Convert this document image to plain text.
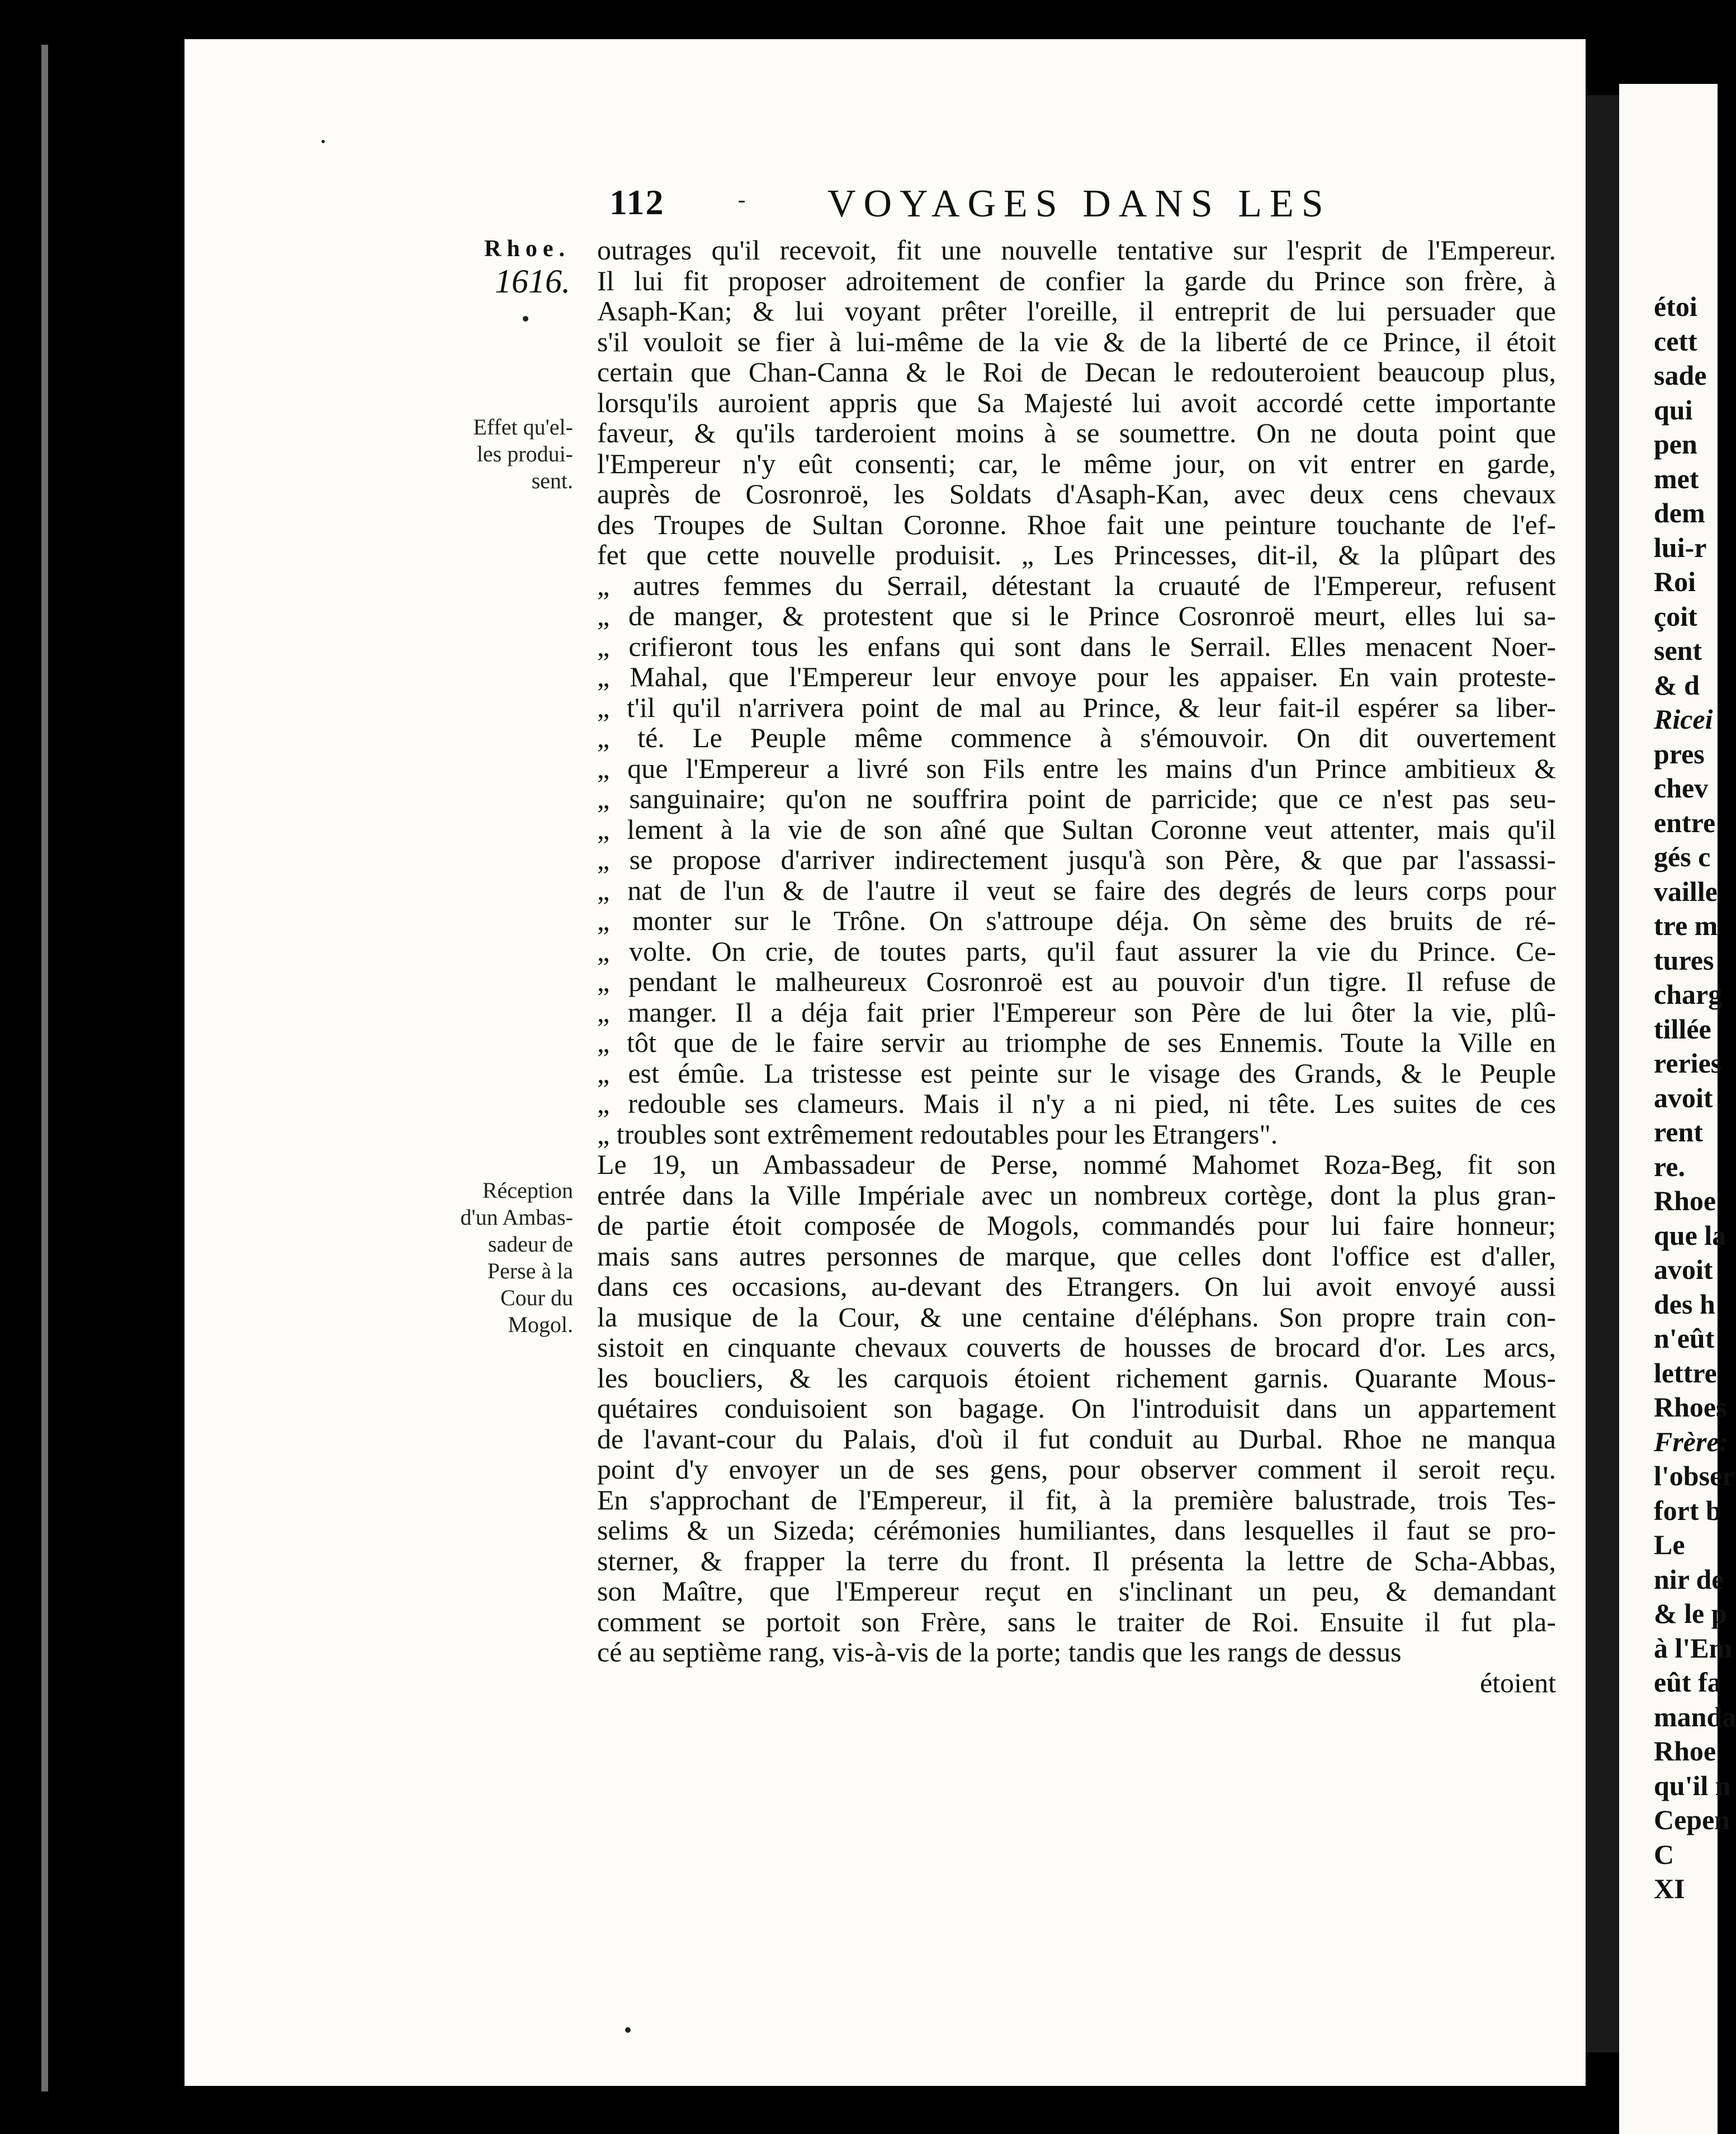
étoi
cett
sade
qui
pen
met
dem
lui-r
Roi
çoit
sent
& d
Ricei
pres
chev
entre
gés c
vaille
tre m
tures
charg
tillée
reries
avoit
rent
re.
Rhoe
que la
avoit
des h
n'eût
lettre
Rhoes
Frère:
l'obser
fort b
Le
nir de
& le p
à l'Em
eût fa
manda
Rhoe
qu'il n
Cepen
C
XI
112	- VOYAGES DANS LES
Rhoe.
1616.
Effet qu'el-
les produi-
sent.
Réception
d'un Ambas-
sadeur de
Perse à la
Cour du
Mogol.
outrages qu'il recevoit, fit une nouvelle tentative sur l'esprit de l'Empereur.
Il lui fit proposer adroitement de confier la garde du Prince son frère, à
Asaph-Kan; & lui voyant prêter l'oreille, il entreprit de lui persuader que
s'il vouloit se fier à lui-même de la vie & de la liberté de ce Prince, il étoit
certain que Chan-Canna & le Roi de Decan le redouteroient beaucoup plus,
lorsqu'ils auroient appris que Sa Majesté lui avoit accordé cette importante
faveur, & qu'ils tarderoient moins à se soumettre. On ne douta point que
l'Empereur n'y eût consenti; car, le même jour, on vit entrer en garde,
auprès de Cosronroë, les Soldats d'Asaph-Kan, avec deux cens chevaux
des Troupes de Sultan Coronne. Rhoe fait une peinture touchante de l'ef-
fet que cette nouvelle produisit. „ Les Princesses, dit-il, & la plûpart des
„ autres femmes du Serrail, détestant la cruauté de l'Empereur, refusent
„ de manger, & protestent que si le Prince Cosronroë meurt, elles lui sa-
„ crifieront tous les enfans qui sont dans le Serrail. Elles menacent Noer-
„ Mahal, que l'Empereur leur envoye pour les appaiser. En vain proteste-
„ t'il qu'il n'arrivera point de mal au Prince, & leur fait-il espérer sa liber-
„ té. Le Peuple même commence à s'émouvoir. On dit ouvertement
„ que l'Empereur a livré son Fils entre les mains d'un Prince ambitieux &
„ sanguinaire; qu'on ne souffrira point de parricide; que ce n'est pas seu-
„ lement à la vie de son aîné que Sultan Coronne veut attenter, mais qu'il
„ se propose d'arriver indirectement jusqu'à son Père, & que par l'assassi-
„ nat de l'un & de l'autre il veut se faire des degrés de leurs corps pour
„ monter sur le Trône. On s'attroupe déja. On sème des bruits de ré-
„ volte. On crie, de toutes parts, qu'il faut assurer la vie du Prince. Ce-
„ pendant le malheureux Cosronroë est au pouvoir d'un tigre. Il refuse de
„ manger. Il a déja fait prier l'Empereur son Père de lui ôter la vie, plû-
„ tôt que de le faire servir au triomphe de ses Ennemis. Toute la Ville en
„ est émûe. La tristesse est peinte sur le visage des Grands, & le Peuple
„ redouble ses clameurs. Mais il n'y a ni pied, ni tête. Les suites de ces
„ troubles sont extrêmement redoutables pour les Etrangers".
Le 19, un Ambassadeur de Perse, nommé Mahomet Roza-Beg, fit son
entrée dans la Ville Impériale avec un nombreux cortège, dont la plus gran-
de partie étoit composée de Mogols, commandés pour lui faire honneur;
mais sans autres personnes de marque, que celles dont l'office est d'aller,
dans ces occasions, au-devant des Etrangers. On lui avoit envoyé aussi
la musique de la Cour, & une centaine d'éléphans. Son propre train con-
sistoit en cinquante chevaux couverts de housses de brocard d'or. Les arcs,
les boucliers, & les carquois étoient richement garnis. Quarante Mous-
quétaires conduisoient son bagage. On l'introduisit dans un appartement
de l'avant-cour du Palais, d'où il fut conduit au Durbal. Rhoe ne manqua
point d'y envoyer un de ses gens, pour observer comment il seroit reçu.
En s'approchant de l'Empereur, il fit, à la première balustrade, trois Tes-
selims & un Sizeda; cérémonies humiliantes, dans lesquelles il faut se pro-
sterner, & frapper la terre du front. Il présenta la lettre de Scha-Abbas,
son Maître, que l'Empereur reçut en s'inclinant un peu, & demandant
comment se portoit son Frère, sans le traiter de Roi. Ensuite il fut pla-
cé au septième rang, vis-à-vis de la porte; tandis que les rangs de dessus
étoient
